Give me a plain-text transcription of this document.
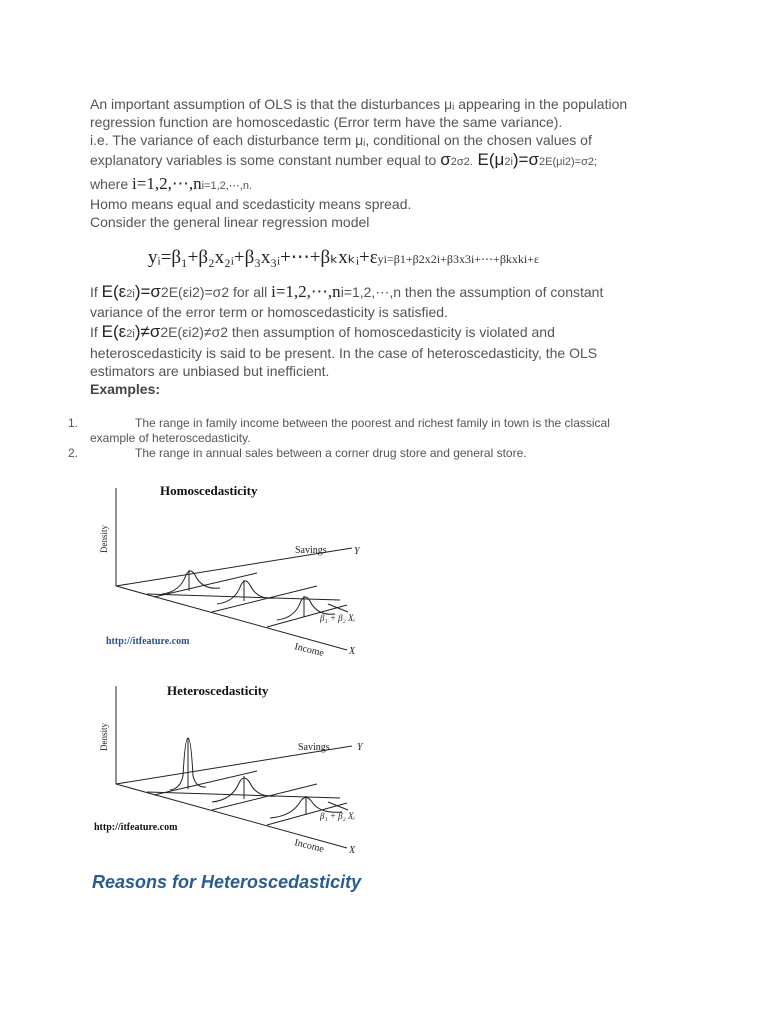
An important assumption of OLS is that the disturbances μᵢ appearing in the population

regression function are homoscedastic (Error term have the same variance).

i.e. The variance of each disturbance term μᵢ, conditional on the chosen values of

explanatory variables is some constant number equal to σ2σ2. E(μ2i)=σ2E(μi2)=σ2;

where i=1,2,⋯,ni=1,2,⋯,n.

Homo means equal and scedasticity means spread.

Consider the general linear regression model

yᵢ=β₁+β₂x₂ᵢ+β₃x₃ᵢ+⋯+βₖxₖᵢ+εyi=β1+β2x2i+β3x3i+⋯+βkxki+ε

If E(ε2i)=σ2E(εi2)=σ2 for all i=1,2,⋯,ni=1,2,⋯,n then the assumption of constant

variance of the error term or homoscedasticity is satisfied.

If E(ε2i)≠σ2E(εi2)≠σ2 then assumption of homoscedasticity is violated and

heteroscedasticity is said to be present. In the case of heteroscedasticity, the OLS

estimators are unbiased but inefficient.

Examples:

1.	The range in family income between the poorest and richest family in town is the classical
example of heteroscedasticity.
2.	The range in annual sales between a corner drug store and general store.
Homoscedasticity
Density	Savings	Y
β₁ + β₂ Xᵢ
http://itfeature.com	Income X
Heteroscedasticity
Density	Savings	Y
β₁ + β₂ Xᵢ
http://itfeature.com
Income X
Reasons for Heteroscedasticity
